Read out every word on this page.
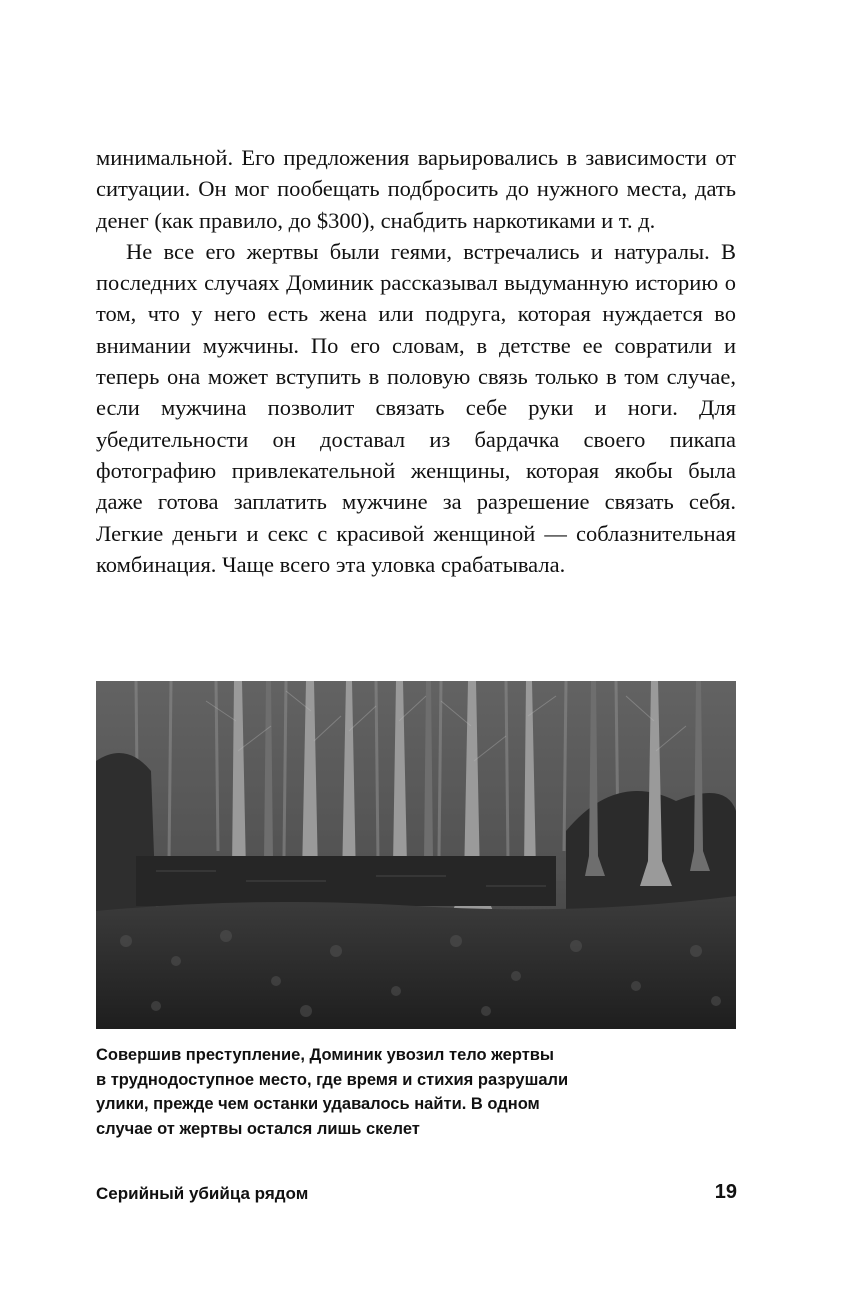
минимальной. Его предложения варьировались в зависимости от ситуации. Он мог пообещать подбросить до нужного места, дать денег (как правило, до $300), снабдить наркотиками и т. д.

Не все его жертвы были геями, встречались и натуралы. В последних случаях Доминик рассказывал выдуманную историю о том, что у него есть жена или подруга, которая нуждается во внимании мужчины. По его словам, в детстве ее совратили и теперь она может вступить в половую связь только в том случае, если мужчина позволит связать себе руки и ноги. Для убедительности он доставал из бардачка своего пикапа фотографию привлекательной женщины, которая якобы была даже готова заплатить мужчине за разрешение связать себя. Легкие деньги и секс с красивой женщиной — соблазнительная комбинация. Чаще всего эта уловка срабатывала.

Совершив преступление, Доминик увозил тело жертвы
в труднодоступное место, где время и стихия разрушали
улики, прежде чем останки удавалось найти. В одном
случае от жертвы остался лишь скелет
Серийный убийца рядом	19
